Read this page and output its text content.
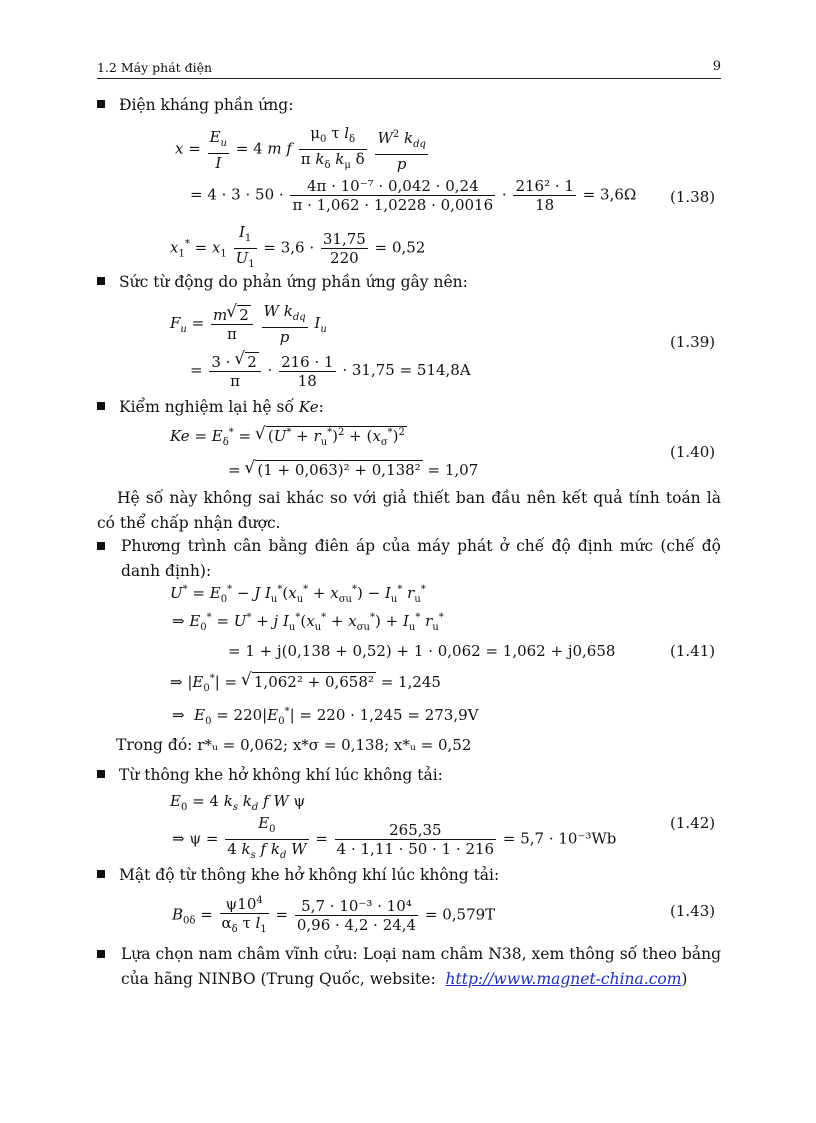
1.2 Máy phát điện	9
Điện kháng phần ứng:
$x = \frac{E_u}{I} = 4$ m f $\frac{\mu_0 \tau l_\delta}{\pi k_\delta k_\mu \delta}$
$\frac{W^2 k_{dq}}{p}$
= $4 \cdot 3 \cdot 50 \cdot \frac{\text{4π · 10⁻⁷ · 0,042 · 0,24}}{\pi \cdot 1,062 \cdot 1,0228 \cdot 0,0016} \cdot \frac{\text{216² · 1}}{18} = 3,6\Omega$ (1.38)
$x_1^* = x_1 \frac{I_1}{U_1} = 3,6 \cdot \frac{31,75}{220} = 0,52$
Sức từ động do phản ứng phần ứng gây nên:
$F_u = \frac{m√ 2}{\pi}$
$\frac{W k_{dq}}{p} I_u$
(1.39)
= $\frac{3 \cdot √ 2}{\pi} \cdot \frac{216 \cdot 1}{18} \cdot 31,75 = 514,8A$
Kiểm nghiệm lại hệ số Ke:
$Ke = E_\delta^*$ = √ $(U^* + r_u^*)^2 + (x_\sigma^*)^2$
(1.40)
= √ (1 + 0,063)² + 0,138² = 1,07
Hệ số này không sai khác so với giả thiết ban đầu nên kết quả tính toán là có thể chấp nhận được.
Phương trình cân bằng điên áp của máy phát ở chế độ định mức (chế độ danh định):
$U^* = E_0^* - J$ $I_u^*(x_u^* + x_{\sigma u}^*) - I_u^*$ $r_u^*$
⇒ $E_0^* = U^* + j$ $I_u^*(x_u^* + x_{\sigma u}^*) + I_u^*$ $r_u^*$
= 1 + j(0,138 + 0,52) + 1 · 0,062 = 1,062 + j0,658	(1.41)
⇒ $|E_0^*|$ = √ 1,062² + 0,658² = 1,245
⇒  $E_0 = 220|E_0^*| = 220 \cdot 1,245 = 273,9V$
Trong đó: r*ᵤ = 0,062; x*σ = 0,138; x*ᵤ = 0,52
Từ thông khe hở không khí lúc không tải:
$E_0 = 4$ $k_s$ $k_d$ f W ψ
⇒ $\psi = \frac{E_0}{4 k_s f k_d W} = \frac{265,35}{4 \cdot 1,11 \cdot 50 \cdot 1 \cdot 216} = 5,7 \cdot 10^{-3}Wb$
(1.42)
Mật độ từ thông khe hở không khí lúc không tải:
$B_{0\delta} = \frac{\psi 10^4}{\alpha_\delta \tau l_1} = \frac{\text{5,7 · 10⁻³ · 10⁴}}{0,96 \cdot 4,2 \cdot 24,4} = 0,579T$	(1.43)
Lựa chọn nam châm vĩnh cửu: Loại nam châm N38, xem thông số theo bảng của hãng NINBO (Trung Quốc, website: http://www.magnet-china.com)
